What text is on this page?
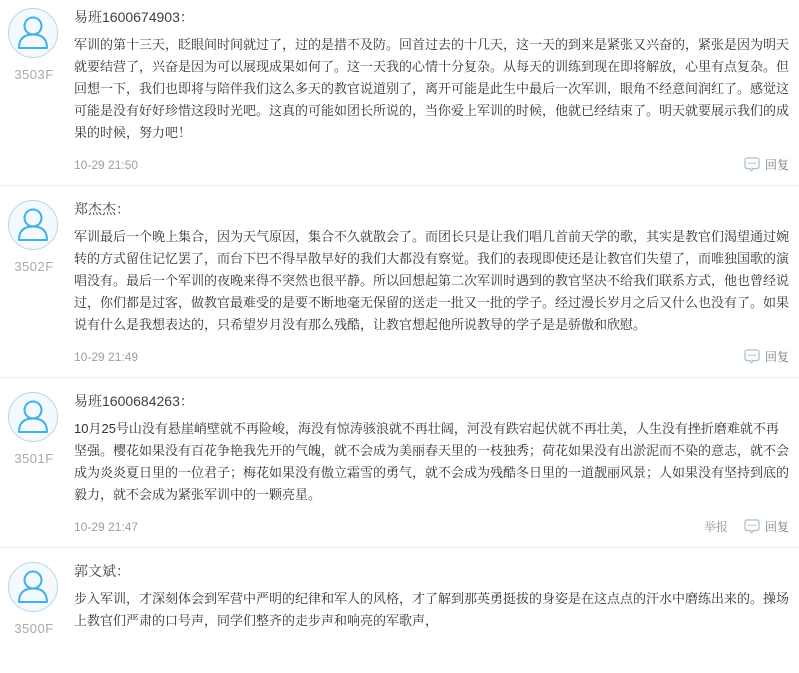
3503F
易班1600674903：
军训的第十三天，眨眼间时间就过了，过的是措不及防。回首过去的十几天，这一天的到来是紧张又兴奋的，紧张是因为明天就要结营了，兴奋是因为可以展现成果如何了。这一天我的心情十分复杂。从每天的训练到现在即将解放，心里有点复杂。但回想一下，我们也即将与陪伴我们这么多天的教官说道别了，离开可能是此生中最后一次军训，眼角不经意间润红了。感觉这可能是没有好好珍惜这段时光吧。这真的可能如团长所说的，当你爱上军训的时候，他就已经结束了。明天就要展示我们的成果的时候，努力吧！
10-29 21:50	回复
3502F
郑杰杰：
军训最后一个晚上集合，因为天气原因，集合不久就散会了。而团长只是让我们唱几首前天学的歌，其实是教官们渴望通过婉转的方式留住记忆罢了，而台下巴不得早散早好的我们大都没有察觉。我们的表现即使还是让教官们失望了，而唯独国歌的演唱没有。最后一个军训的夜晚来得不突然也很平静。所以回想起第二次军训时遇到的教官坚决不给我们联系方式，他也曾经说过，你们都是过客，做教官最难受的是要不断地毫无保留的送走一批又一批的学子。经过漫长岁月之后又什么也没有了。如果说有什么是我想表达的，只希望岁月没有那么残酷，让教官想起他所说教导的学子是是骄傲和欣慰。
10-29 21:49	回复
3501F
易班1600684263：
10月25号山没有悬崖峭壁就不再险峻，海没有惊涛骇浪就不再壮阔，河没有跌宕起伏就不再壮美，人生没有挫折磨难就不再坚强。樱花如果没有百花争艳我先开的气魄，就不会成为美丽春天里的一枝独秀；荷花如果没有出淤泥而不染的意志，就不会成为炎炎夏日里的一位君子；梅花如果没有傲立霜雪的勇气，就不会成为残酷冬日里的一道靓丽风景；人如果没有坚持到底的毅力，就不会成为紧张军训中的一颗亮星。
10-29 21:47	举报	回复
3500F
郭文斌：
步入军训，才深刻体会到军营中严明的纪律和军人的风格，才了解到那英勇挺拔的身姿是在这点点的汗水中磨练出来的。操场上教官们严肃的口号声，同学们整齐的走步声和响亮的军歌声，
